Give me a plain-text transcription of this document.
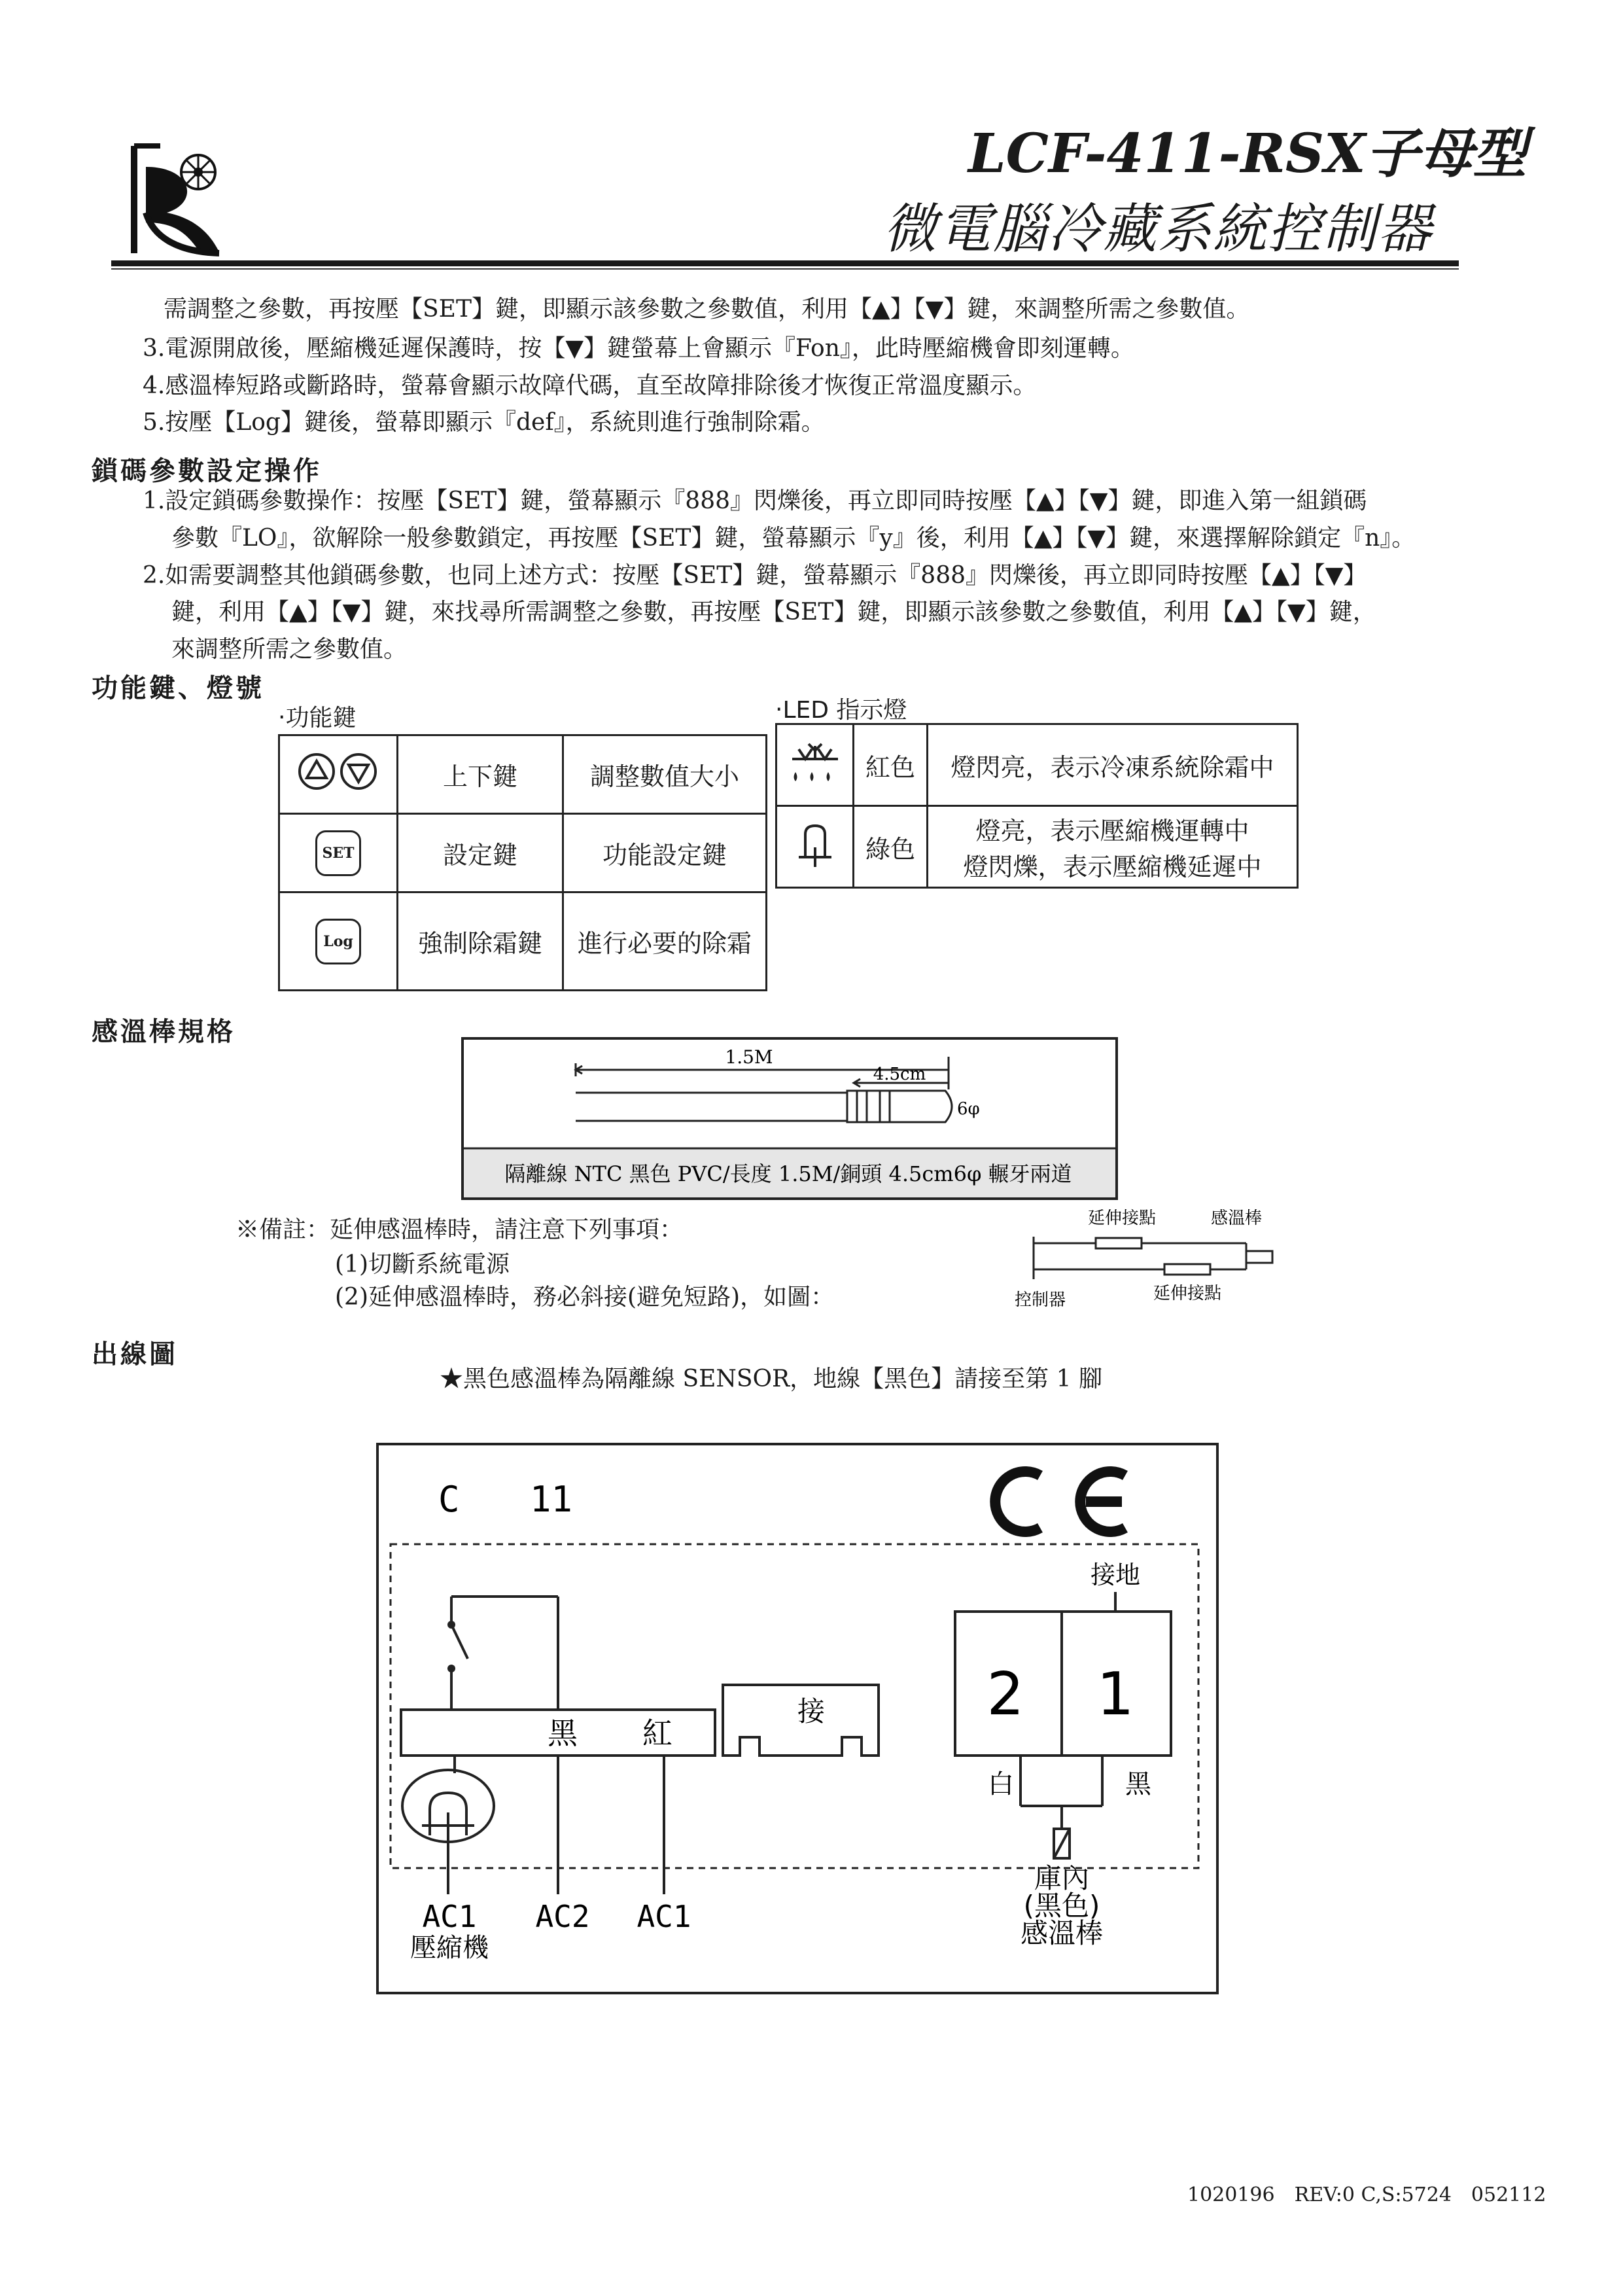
LCF-411-RSX子母型
微電腦冷藏系統控制器
需調整之參數，再按壓【SET】鍵，即顯示該參數之參數值，利用【▲】【▼】鍵，來調整所需之參數值。
3.電源開啟後，壓縮機延遲保護時，按【▼】鍵螢幕上會顯示『Fon』，此時壓縮機會即刻運轉。
4.感溫棒短路或斷路時，螢幕會顯示故障代碼，直至故障排除後才恢復正常溫度顯示。
5.按壓【Log】鍵後，螢幕即顯示『def』，系統則進行強制除霜。
鎖碼參數設定操作
1.設定鎖碼參數操作：按壓【SET】鍵，螢幕顯示『888』閃爍後，再立即同時按壓【▲】【▼】鍵，即進入第一組鎖碼
參數『LO』，欲解除一般參數鎖定，再按壓【SET】鍵，螢幕顯示『y』後，利用【▲】【▼】鍵，來選擇解除鎖定『n』。
2.如需要調整其他鎖碼參數，也同上述方式：按壓【SET】鍵，螢幕顯示『888』閃爍後，再立即同時按壓【▲】【▼】
鍵，利用【▲】【▼】鍵，來找尋所需調整之參數，再按壓【SET】鍵，即顯示該參數之參數值，利用【▲】【▼】鍵，
來調整所需之參數值。
功能鍵、燈號
‧功能鍵	‧LED 指示燈
	上下鍵	調整數值大小
SET	設定鍵	功能設定鍵
Log	強制除霜鍵	進行必要的除霜
	紅色	燈閃亮，表示冷凍系統除霜中
	綠色	燈亮，表示壓縮機運轉中
燈閃爍，表示壓縮機延遲中
感溫棒規格
1.5M
4.5cm
6φ
隔離線 NTC 黑色 PVC/長度 1.5M/銅頭 4.5cm6φ 輾牙兩道
※備註：延伸感溫棒時，請注意下列事項：
(1)切斷系統電源
(2)延伸感溫棒時，務必斜接(避免短路)，如圖：
延伸接點	感溫棒
控制器	延伸接點
出線圖
★黑色感溫棒為隔離線 SENSOR，地線【黑色】請接至第 1 腳
C 11
黑 紅
接	2 1
接地
白	黑
庫內
(黑色)
感溫棒
AC1
壓縮機
AC2 AC1
1020196　REV:0 C,S:5724　052112
